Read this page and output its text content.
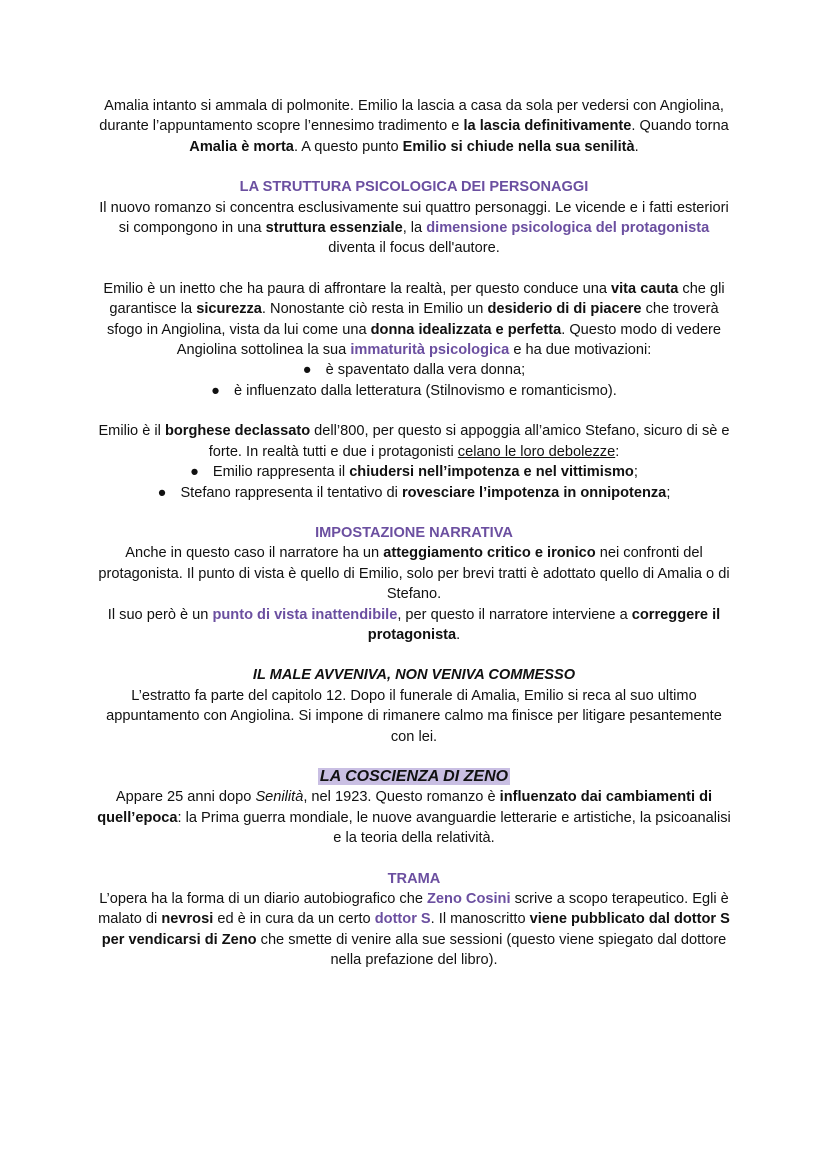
Amalia intanto si ammala di polmonite. Emilio la lascia a casa da sola per vedersi con Angiolina, durante l’appuntamento scopre l’ennesimo tradimento e la lascia definitivamente. Quando torna Amalia è morta. A questo punto Emilio si chiude nella sua senilità.

LA STRUTTURA PSICOLOGICA DEI PERSONAGGI

Il nuovo romanzo si concentra esclusivamente sui quattro personaggi. Le vicende e i fatti esteriori si compongono in una struttura essenziale, la dimensione psicologica del protagonista diventa il focus dell'autore.

Emilio è un inetto che ha paura di affrontare la realtà, per questo conduce una vita cauta che gli garantisce la sicurezza. Nonostante ciò resta in Emilio un desiderio di di piacere che troverà sfogo in Angiolina, vista da lui come una donna idealizzata e perfetta. Questo modo di vedere Angiolina sottolinea la sua immaturità psicologica e ha due motivazioni:

● è spaventato dalla vera donna;
● è influenzato dalla letteratura (Stilnovismo e romanticismo).

Emilio è il borghese declassato dell’800, per questo si appoggia all’amico Stefano, sicuro di sè e forte. In realtà tutti e due i protagonisti celano le loro debolezze:

● Emilio rappresenta il chiudersi nell’impotenza e nel vittimismo;
● Stefano rappresenta il tentativo di rovesciare l’impotenza in onnipotenza;
IMPOSTAZIONE NARRATIVA

Anche in questo caso il narratore ha un atteggiamento critico e ironico nei confronti del protagonista. Il punto di vista è quello di Emilio, solo per brevi tratti è adottato quello di Amalia o di Stefano.

Il suo però è un punto di vista inattendibile, per questo il narratore interviene a correggere il protagonista.

IL MALE AVVENIVA, NON VENIVA COMMESSO

L’estratto fa parte del capitolo 12. Dopo il funerale di Amalia, Emilio si reca al suo ultimo appuntamento con Angiolina. Si impone di rimanere calmo ma finisce per litigare pesantemente con lei.

LA COSCIENZA DI ZENO

Appare 25 anni dopo Senilità, nel 1923. Questo romanzo è influenzato dai cambiamenti di quell’epoca: la Prima guerra mondiale, le nuove avanguardie letterarie e artistiche, la psicoanalisi e la teoria della relatività.

TRAMA

L’opera ha la forma di un diario autobiografico che Zeno Cosini scrive a scopo terapeutico. Egli è malato di nevrosi ed è in cura da un certo dottor S. Il manoscritto viene pubblicato dal dottor S per vendicarsi di Zeno che smette di venire alla sue sessioni (questo viene spiegato dal dottore nella prefazione del libro).
